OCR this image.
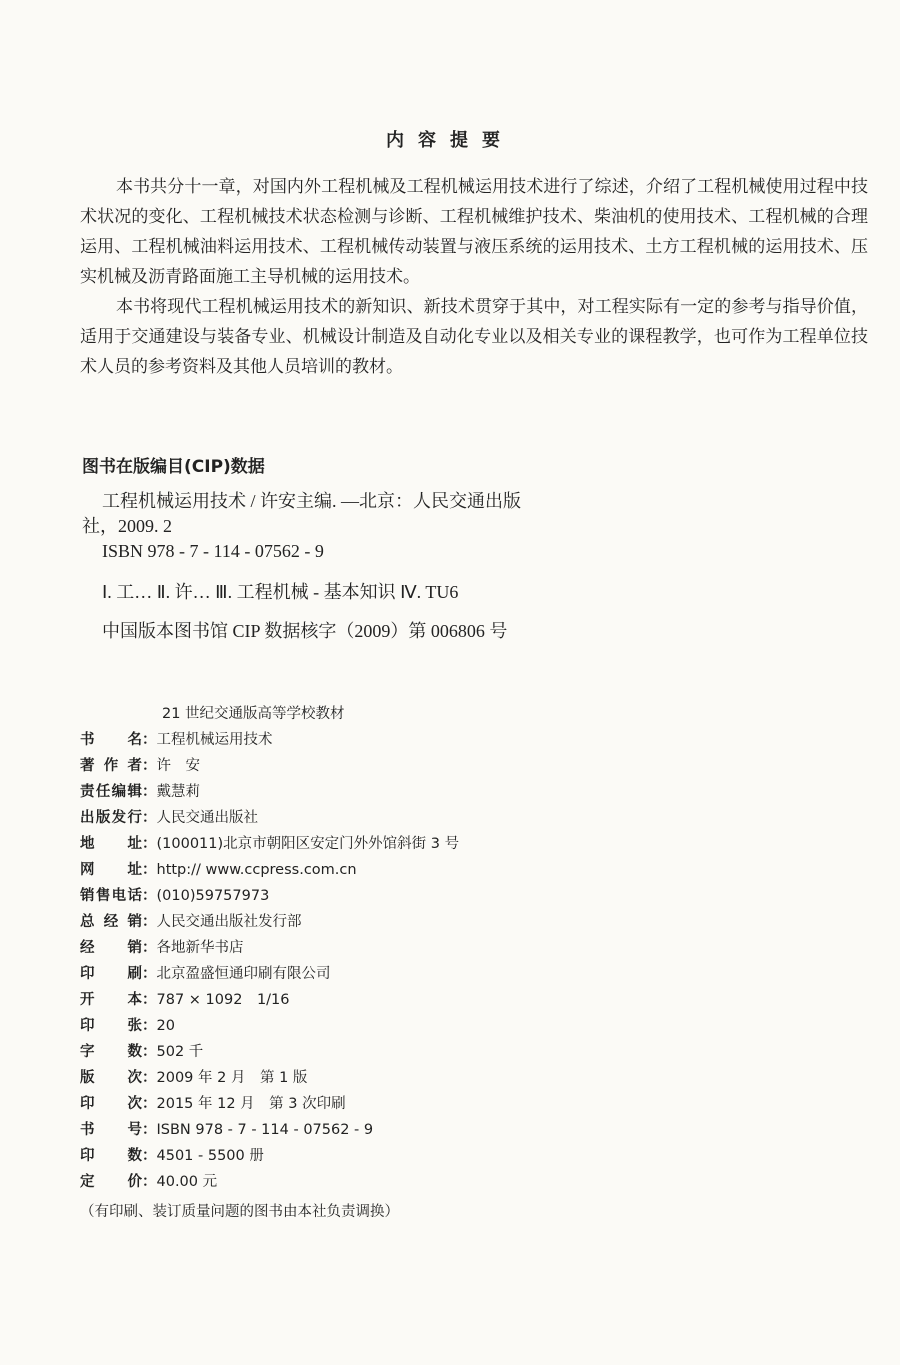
内容提要
本书共分十一章，对国内外工程机械及工程机械运用技术进行了综述，介绍了工程机械使用过程中技术状况的变化、工程机械技术状态检测与诊断、工程机械维护技术、柴油机的使用技术、工程机械的合理运用、工程机械油料运用技术、工程机械传动装置与液压系统的运用技术、土方工程机械的运用技术、压实机械及沥青路面施工主导机械的运用技术。
本书将现代工程机械运用技术的新知识、新技术贯穿于其中，对工程实际有一定的参考与指导价值，适用于交通建设与装备专业、机械设计制造及自动化专业以及相关专业的课程教学，也可作为工程单位技术人员的参考资料及其他人员培训的教材。
图书在版编目(CIP)数据
工程机械运用技术 / 许安主编. —北京：人民交通出版
社，2009. 2
ISBN 978 - 7 - 114 - 07562 - 9
Ⅰ. 工… Ⅱ. 许… Ⅲ. 工程机械 - 基本知识 Ⅳ. TU6
中国版本图书馆 CIP 数据核字（2009）第 006806 号
21 世纪交通版高等学校教材
书名 ： 工程机械运用技术
著作者 ： 许　安
责任编辑 ： 戴慧莉
出版发行 ： 人民交通出版社
地址 ： (100011)北京市朝阳区安定门外外馆斜街 3 号
网址 ： http:// www.ccpress.com.cn
销售电话 ： (010)59757973
总经销 ： 人民交通出版社发行部
经销 ： 各地新华书店
印刷 ： 北京盈盛恒通印刷有限公司
开本 ： 787 × 1092　1/16
印张 ： 20
字数 ： 502 千
版次 ： 2009 年 2 月　第 1 版
印次 ： 2015 年 12 月　第 3 次印刷
书号 ： ISBN 978 - 7 - 114 - 07562 - 9
印数 ： 4501 - 5500 册
定价 ： 40.00 元
（有印刷、装订质量问题的图书由本社负责调换）
